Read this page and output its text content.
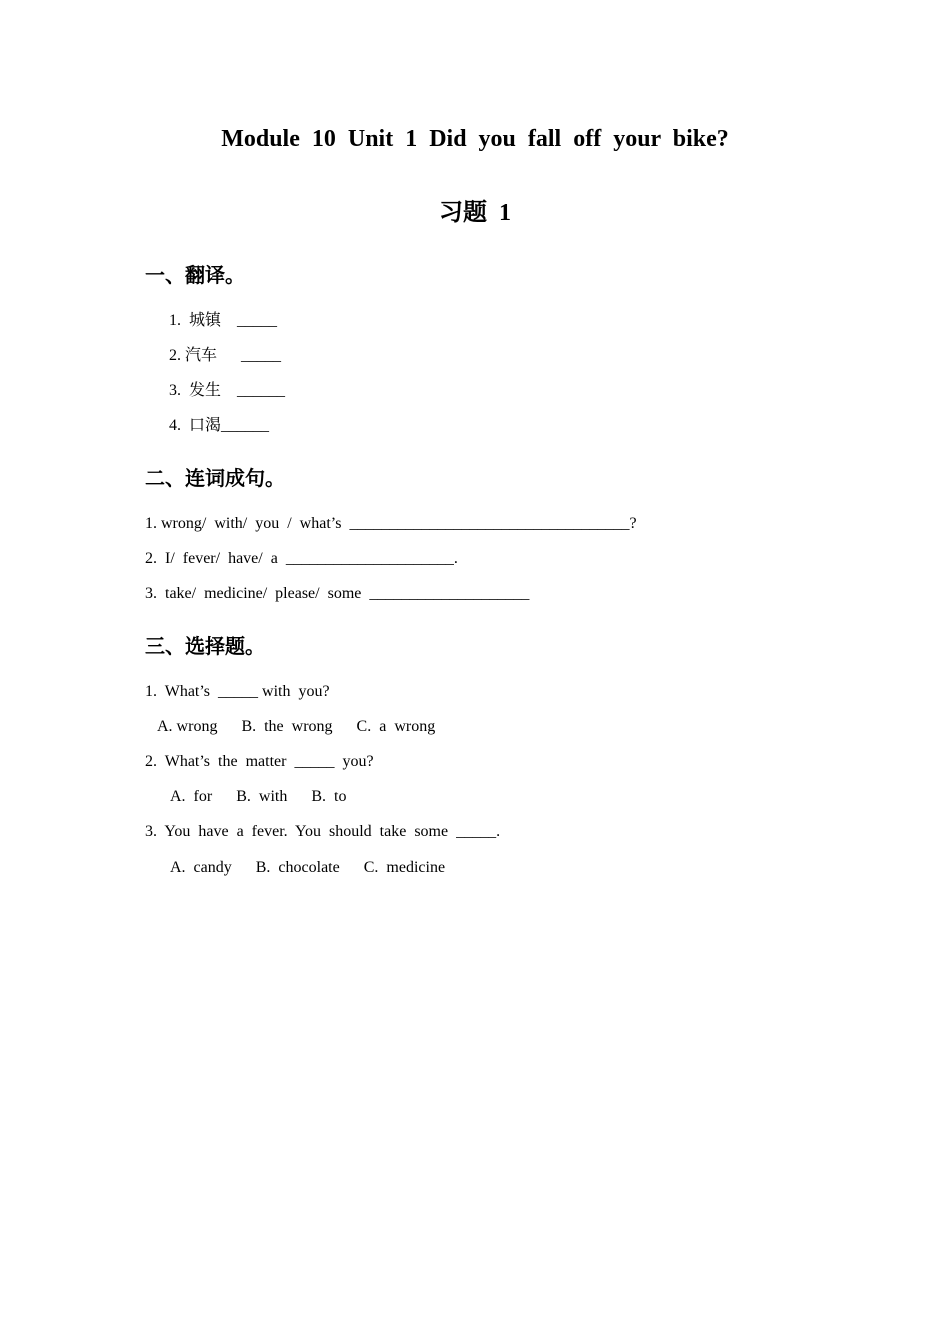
Module 10 Unit 1 Did you fall off your bike?
习题 1
一、翻译。
1.  城镇    _____
2. 汽车      _____
3.  发生    ______
4.  口渴______
二、连词成句。
1. wrong/  with/  you  /  what’s  ___________________________________?
2.  I/  fever/  have/  a  _____________________.
3.  take/  medicine/  please/  some  ____________________
三、选择题。
1.  What’s  _____ with  you?
A. wrong      B.  the  wrong      C.  a  wrong
2.  What’s  the  matter  _____  you?
A.  for      B.  with      B.  to
3.  You  have  a  fever.  You  should  take  some  _____.
A.  candy      B.  chocolate      C.  medicine
